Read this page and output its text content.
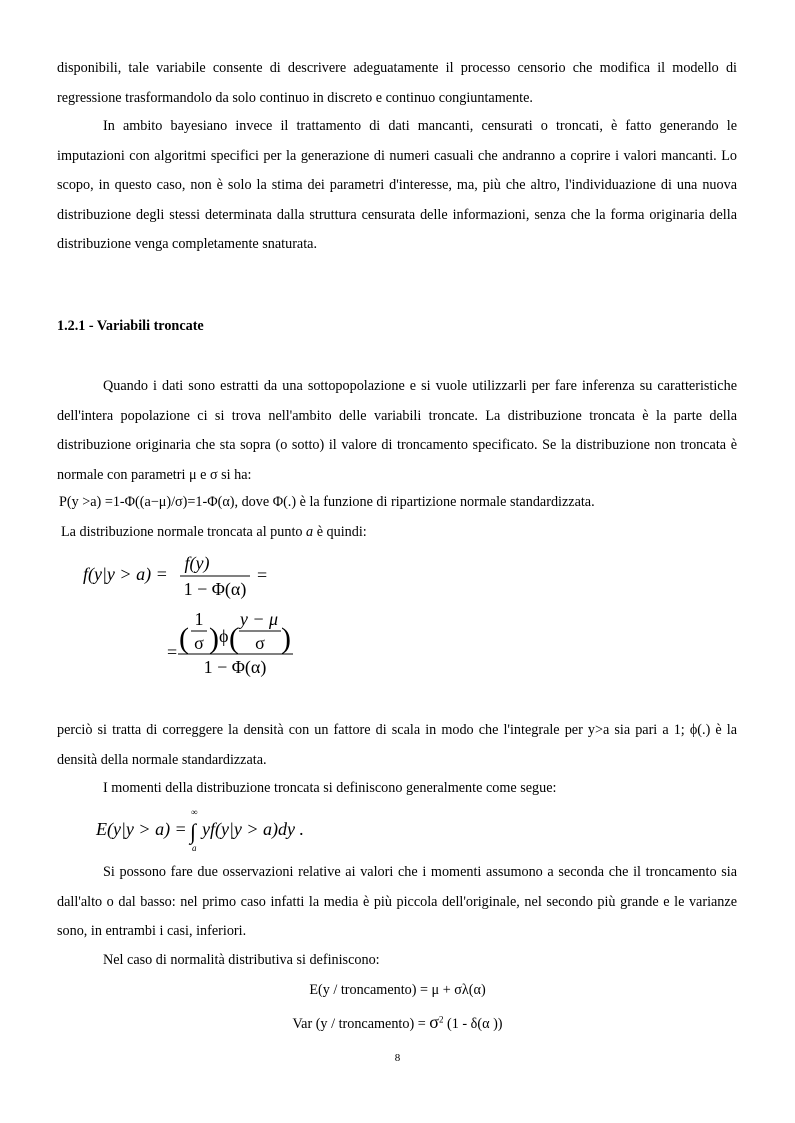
disponibili, tale variabile consente di descrivere adeguatamente il processo censorio che modifica il modello di regressione trasformandolo da solo continuo in discreto e continuo congiuntamente.

In ambito bayesiano invece il trattamento di dati mancanti, censurati o troncati, è fatto generando le imputazioni con algoritmi specifici per la generazione di numeri casuali che andranno a coprire i valori mancanti. Lo scopo, in questo caso, non è solo la stima dei parametri d'interesse, ma, più che altro, l'individuazione di una nuova distribuzione degli stessi determinata dalla struttura censurata delle informazioni, senza che la forma originaria della distribuzione venga completamente snaturata.

1.2.1 - Variabili troncate

Quando i dati sono estratti da una sottopopolazione e si vuole utilizzarli per fare inferenza su caratteristiche dell'intera popolazione ci si trova nell'ambito delle variabili troncate. La distribuzione troncata è la parte della distribuzione originaria che sta sopra (o sotto) il valore di troncamento specificato. Se la distribuzione non troncata è normale con parametri μ e σ si ha:

P(y >a) =1-Φ((a−μ)/σ)=1-Φ(α), dove Φ(.) è la funzione di ripartizione normale standardizzata.
La distribuzione normale troncata al punto a è quindi:
f(y|y > a) =
f(y)
1 − Φ(α)
=
= (
1
σ ) ϕ (
y − μ
σ )
1 − Φ(α)

perciò si tratta di correggere la densità con un fattore di scala in modo che l'integrale per y>a sia pari a 1; ϕ(.) è la densità della normale standardizzata.

I momenti della distribuzione troncata si definiscono generalmente come segue:

E(y|y > a) =
∞
∫
a
yf(y|y > a)dy .

Si possono fare due osservazioni relative ai valori che i momenti assumono a seconda che il troncamento sia dall'alto o dal basso: nel primo caso infatti la media è più piccola dell'originale, nel secondo più grande e le varianze sono, in entrambi i casi, inferiori.

Nel caso di normalità distributiva si definiscono:

E(y / troncamento) = μ + σλ(α)
Var (y / troncamento) = $\sigma^2$ (1 - δ(α ))
8
